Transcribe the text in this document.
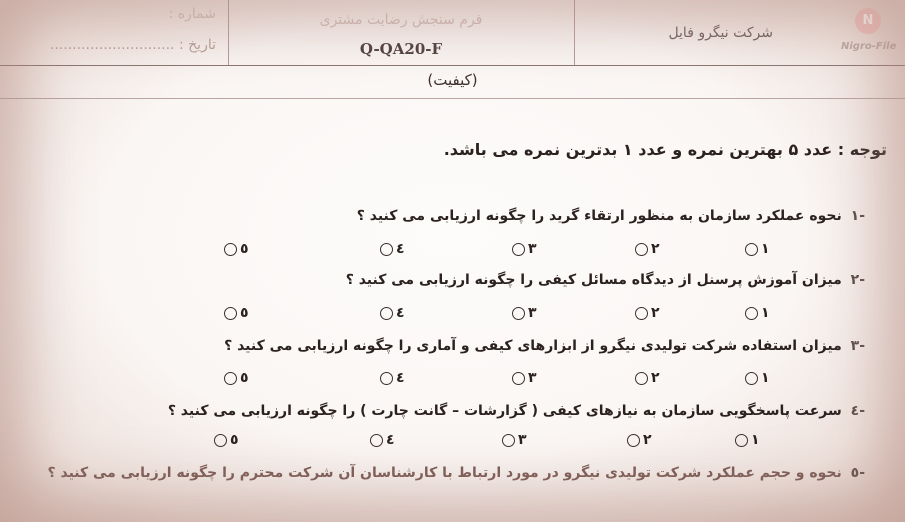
شماره :
تاریخ : ............................
فرم سنجش رضایت مشتری
Q-QA20-F
شرکت نیگرو فایل
N
Nigro-File
(کیفیت)
توجه : عدد ۵ بهترین نمره و عدد ۱ بدترین نمره می باشد.
-۱ نحوه عملکرد سازمان به منظور ارتقاء گرید را چگونه ارزیابی می کنید ؟
١
٢
٣
٤
٥
-۲ میزان آموزش پرسنل از دیدگاه مسائل کیفی را چگونه ارزیابی می کنید ؟
١
٢
٣
٤
٥
-۳ میزان استفاده شرکت تولیدی نیگرو از ابزارهای کیفی و آماری را چگونه ارزیابی می کنید ؟
١
٢
٣
٤
٥
-٤ سرعت پاسخگویی سازمان به نیازهای کیفی ( گزارشات – گانت چارت ) را چگونه ارزیابی می کنید ؟
١
٢
٣
٤
٥
-٥ نحوه و حجم عملکرد شرکت تولیدی نیگرو در مورد ارتباط با کارشناسان آن شرکت محترم را چگونه ارزیابی می کنید ؟
